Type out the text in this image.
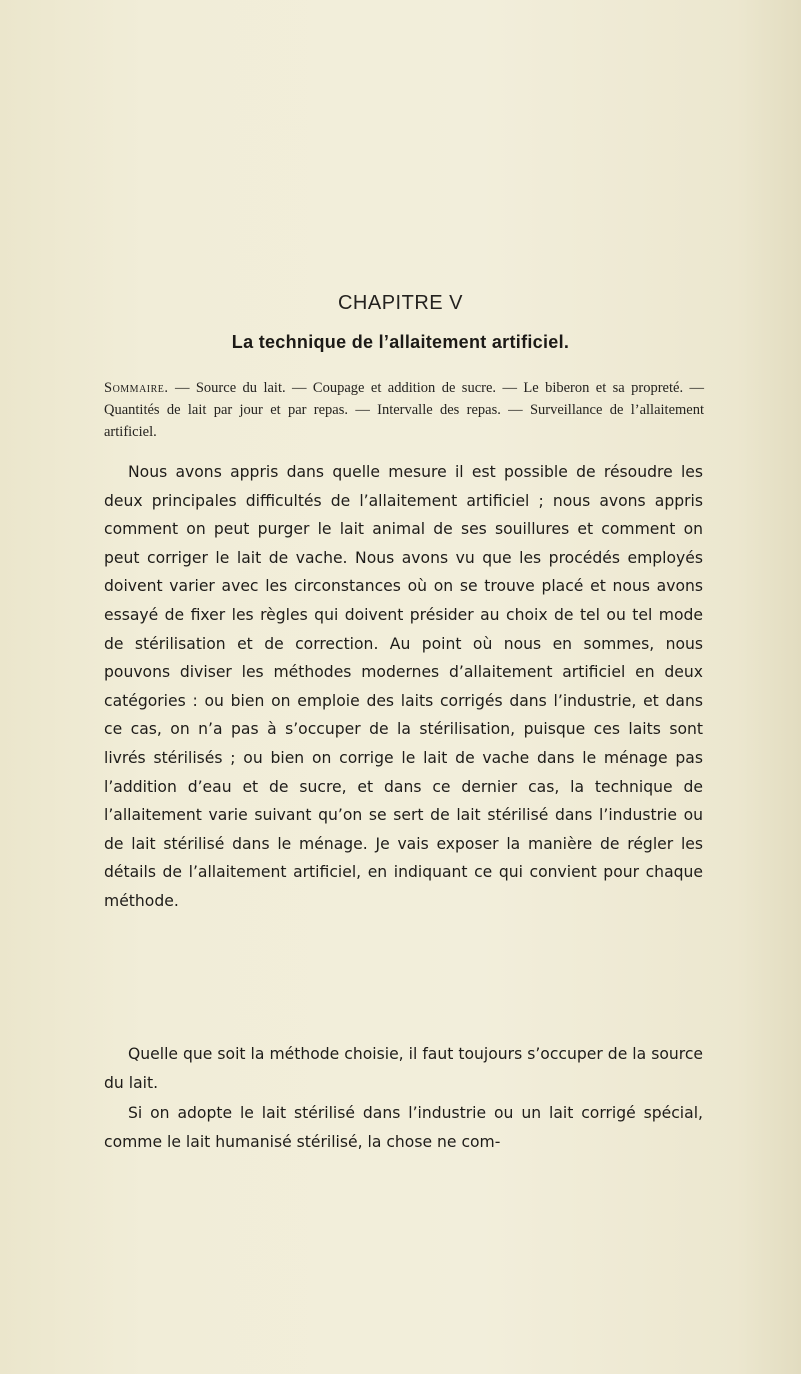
CHAPITRE V
La technique de l’allaitement artificiel.
Sommaire. — Source du lait. — Coupage et addition de sucre. — Le biberon et sa propreté. — Quantités de lait par jour et par repas. — Intervalle des repas. — Surveillance de l’allaitement artificiel.

Nous avons appris dans quelle mesure il est possible de résoudre les deux principales difficultés de l’allaitement artificiel ; nous avons appris comment on peut purger le lait animal de ses souillures et comment on peut corriger le lait de vache. Nous avons vu que les procédés employés doivent varier avec les circonstances où on se trouve placé et nous avons essayé de fixer les règles qui doivent présider au choix de tel ou tel mode de stérilisation et de correction. Au point où nous en sommes, nous pouvons diviser les méthodes modernes d’allaitement artificiel en deux catégories : ou bien on emploie des laits corrigés dans l’industrie, et dans ce cas, on n’a pas à s’occuper de la stérilisation, puisque ces laits sont livrés stérilisés ; ou bien on corrige le lait de vache dans le ménage pas l’addition d’eau et de sucre, et dans ce dernier cas, la technique de l’allaitement varie suivant qu’on se sert de lait stérilisé dans l’industrie ou de lait stérilisé dans le ménage. Je vais exposer la manière de régler les détails de l’allaitement artificiel, en indiquant ce qui convient pour chaque méthode.

Quelle que soit la méthode choisie, il faut toujours s’occuper de la source du lait.

Si on adopte le lait stérilisé dans l’industrie ou un lait corrigé spécial, comme le lait humanisé stérilisé, la chose ne com-
